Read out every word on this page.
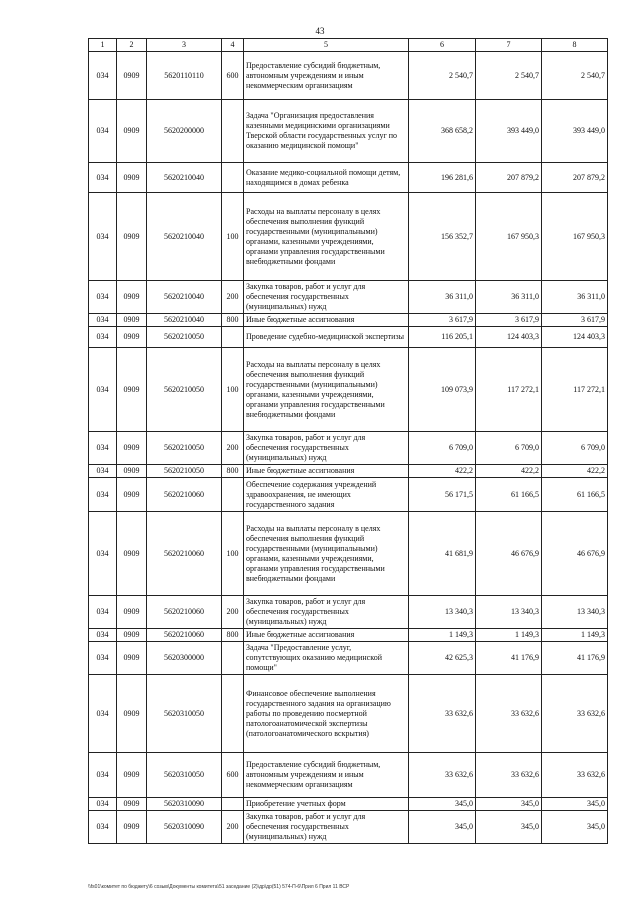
43
1	2	3	4	5	6	7	8
034	0909	5620110110	600	Предоставление субсидий бюджетным, автономным учреждениям и иным некоммерческим организациям	2 540,7	2 540,7	2 540,7
034	0909	5620200000		Задача "Организация предоставления казенными медицинскими организациями Тверской области государственных услуг по оказанию медицинской помощи"	368 658,2	393 449,0	393 449,0
034	0909	5620210040		Оказание медико-социальной помощи детям, находящимся в домах ребенка	196 281,6	207 879,2	207 879,2
034	0909	5620210040	100	Расходы на выплаты персоналу в целях обеспечения выполнения функций государственными (муниципальными) органами, казенными учреждениями, органами управления государственными внебюджетными фондами	156 352,7	167 950,3	167 950,3
034	0909	5620210040	200	Закупка товаров, работ и услуг для обеспечения государственных (муниципальных) нужд	36 311,0	36 311,0	36 311,0
034	0909	5620210040	800	Иные бюджетные ассигнования	3 617,9	3 617,9	3 617,9
034	0909	5620210050		Проведение судебно-медицинской экспертизы	116 205,1	124 403,3	124 403,3
034	0909	5620210050	100	Расходы на выплаты персоналу в целях обеспечения выполнения функций государственными (муниципальными) органами, казенными учреждениями, органами управления государственными внебюджетными фондами	109 073,9	117 272,1	117 272,1
034	0909	5620210050	200	Закупка товаров, работ и услуг для обеспечения государственных (муниципальных) нужд	6 709,0	6 709,0	6 709,0
034	0909	5620210050	800	Иные бюджетные ассигнования	422,2	422,2	422,2
034	0909	5620210060		Обеспечение содержания учреждений здравоохранения, не имеющих государственного задания	56 171,5	61 166,5	61 166,5
034	0909	5620210060	100	Расходы на выплаты персоналу в целях обеспечения выполнения функций государственными (муниципальными) органами, казенными учреждениями, органами управления государственными внебюджетными фондами	41 681,9	46 676,9	46 676,9
034	0909	5620210060	200	Закупка товаров, работ и услуг для обеспечения государственных (муниципальных) нужд	13 340,3	13 340,3	13 340,3
034	0909	5620210060	800	Иные бюджетные ассигнования	1 149,3	1 149,3	1 149,3
034	0909	5620300000		Задача "Предоставление услуг, сопутствующих оказанию медицинской помощи"	42 625,3	41 176,9	41 176,9
034	0909	5620310050		Финансовое обеспечение выполнения государственного задания на организацию работы по проведению посмертной патологоанатомической экспертизы (патологоанатомического вскрытия)	33 632,6	33 632,6	33 632,6
034	0909	5620310050	600	Предоставление субсидий бюджетным, автономным учреждениям и иным некоммерческим организациям	33 632,6	33 632,6	33 632,6
034	0909	5620310090		Приобретение учетных форм	345,0	345,0	345,0
034	0909	5620310090	200	Закупка товаров, работ и услуг для обеспечения государственных (муниципальных) нужд	345,0	345,0	345,0
\\fs01\комитет по бюджету\6 созыв\Документы комитета\51 заседание (2)\др\др(51) 574-П-6\Прил 6 Прил 11 ВСР
